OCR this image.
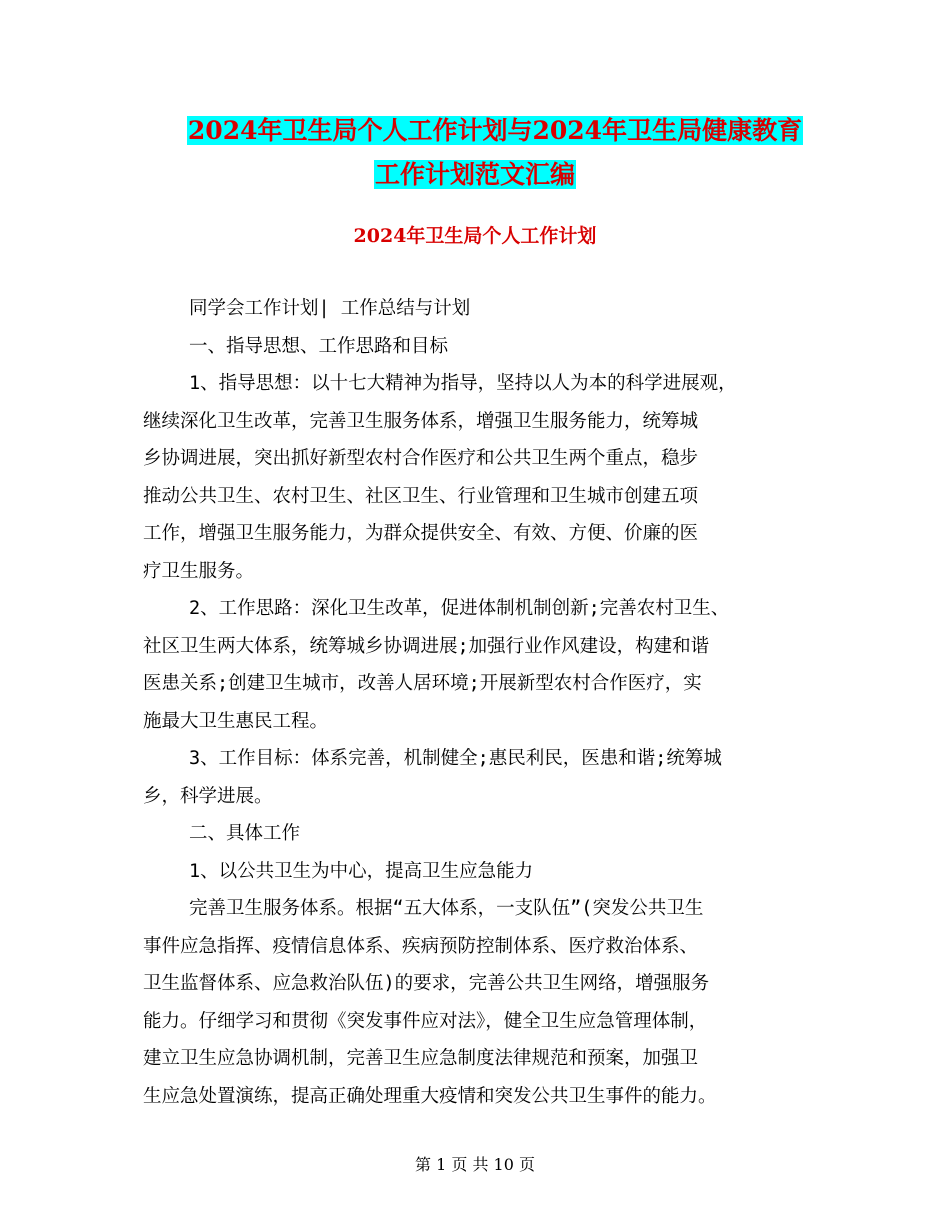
2024年卫生局个人工作计划与2024年卫生局健康教育
工作计划范文汇编
2024年卫生局个人工作计划
同学会工作计划| 工作总结与计划
一、指导思想、工作思路和目标
1、指导思想：以十七大精神为指导，坚持以人为本的科学进展观，
继续深化卫生改革，完善卫生服务体系，增强卫生服务能力，统筹城
乡协调进展，突出抓好新型农村合作医疗和公共卫生两个重点，稳步
推动公共卫生、农村卫生、社区卫生、行业管理和卫生城市创建五项
工作，增强卫生服务能力，为群众提供安全、有效、方便、价廉的医
疗卫生服务。
2、工作思路：深化卫生改革，促进体制机制创新;完善农村卫生、
社区卫生两大体系，统筹城乡协调进展;加强行业作风建设，构建和谐
医患关系;创建卫生城市，改善人居环境;开展新型农村合作医疗，实
施最大卫生惠民工程。
3、工作目标：体系完善，机制健全;惠民利民，医患和谐;统筹城
乡，科学进展。
二、具体工作
1、以公共卫生为中心，提高卫生应急能力
完善卫生服务体系。根据“五大体系，一支队伍”(突发公共卫生
事件应急指挥、疫情信息体系、疾病预防控制体系、医疗救治体系、
卫生监督体系、应急救治队伍)的要求，完善公共卫生网络，增强服务
能力。仔细学习和贯彻《突发事件应对法》，健全卫生应急管理体制，
建立卫生应急协调机制，完善卫生应急制度法律规范和预案，加强卫
生应急处置演练，提高正确处理重大疫情和突发公共卫生事件的能力。
第 1 页 共 10 页
